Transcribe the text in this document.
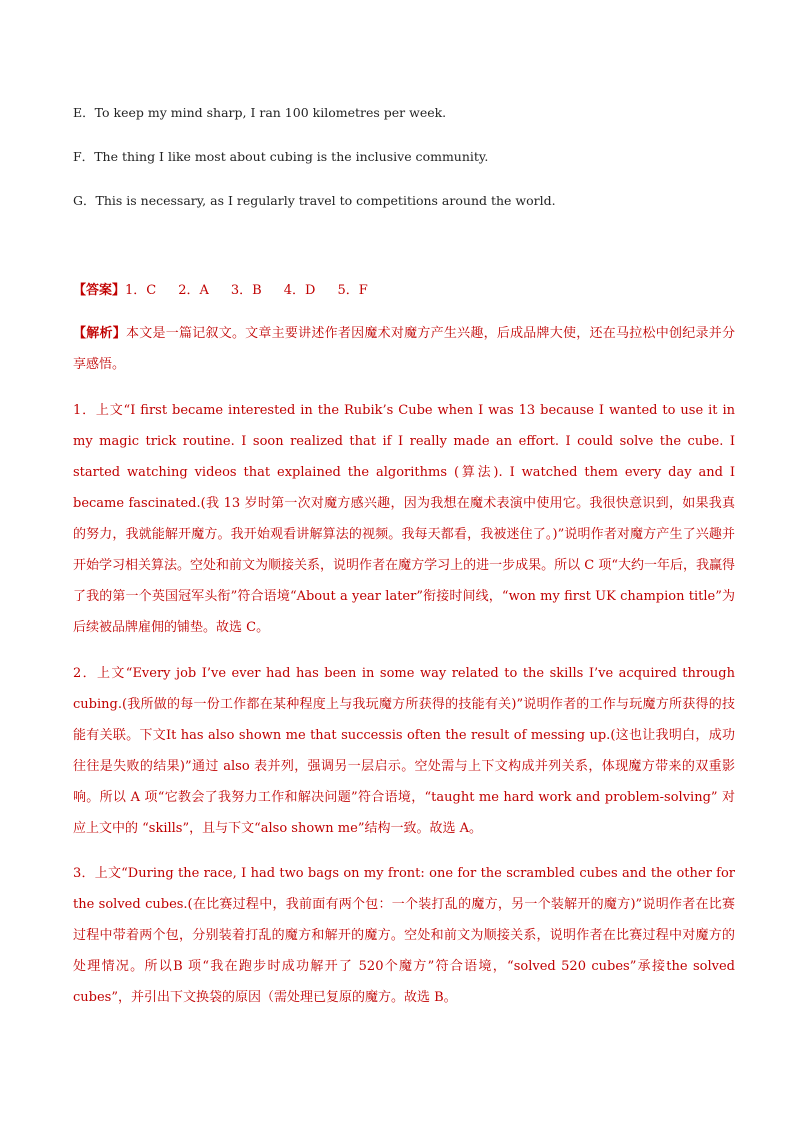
E．To keep my mind sharp, I ran 100 kilometres per week.
F．The thing I like most about cubing is the inclusive community.
G．This is necessary, as I regularly travel to competitions around the world.
【答案】1．C 2．A 3．B 4．D 5．F

【解析】本文是一篇记叙文。文章主要讲述作者因魔术对魔方产生兴趣，后成品牌大使，还在马拉松中创纪录并分享感悟。

1．上文“I first became interested in the Rubik’s Cube when I was 13 because I wanted to use it in my magic trick routine. I soon realized that if I really made an effort. I could solve the cube. I started watching videos that explained the algorithms (算法). I watched them every day and I became fascinated.(我 13 岁时第一次对魔方感兴趣，因为我想在魔术表演中使用它。我很快意识到，如果我真的努力，我就能解开魔方。我开始观看讲解算法的视频。我每天都看，我被迷住了。)”说明作者对魔方产生了兴趣并开始学习相关算法。空处和前文为顺接关系，说明作者在魔方学习上的进一步成果。所以 C 项“大约一年后，我赢得了我的第一个英国冠军头衔”符合语境“About a year later”衔接时间线，“won my first UK champion title”为后续被品牌雇佣的铺垫。故选 C。

2．上文“Every job I’ve ever had has been in some way related to the skills I’ve acquired through cubing.(我所做的每一份工作都在某种程度上与我玩魔方所获得的技能有关)”说明作者的工作与玩魔方所获得的技能有关联。下文It has also shown me that successis often the result of messing up.(这也让我明白，成功往往是失败的结果)”通过 also 表并列，强调另一层启示。空处需与上下文构成并列关系，体现魔方带来的双重影响。所以 A 项“它教会了我努力工作和解决问题”符合语境，“taught me hard work and problem-solving” 对应上文中的 “skills”，且与下文“also shown me”结构一致。故选 A。

3．上文“During the race, I had two bags on my front: one for the scrambled cubes and the other for the solved cubes.(在比赛过程中，我前面有两个包：一个装打乱的魔方，另一个装解开的魔方)”说明作者在比赛过程中带着两个包，分别装着打乱的魔方和解开的魔方。空处和前文为顺接关系，说明作者在比赛过程中对魔方的处理情况。所以B 项“我在跑步时成功解开了 520个魔方”符合语境，“solved 520 cubes”承接the solved cubes”，并引出下文换袋的原因（需处理已复原的魔方。故选 B。
